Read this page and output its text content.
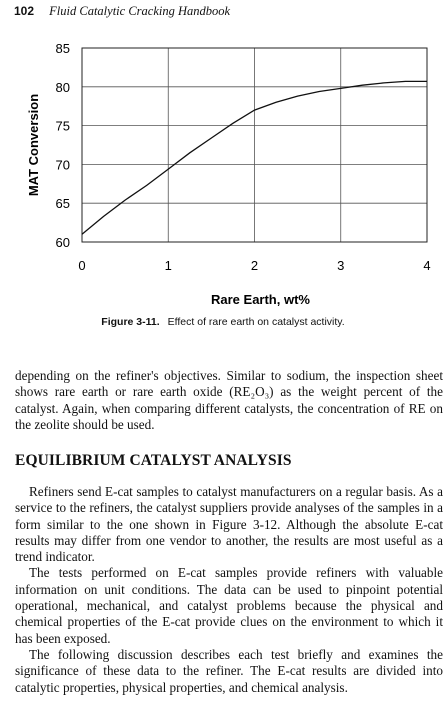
102 Fluid Catalytic Cracking Handbook
60
65
70
75
80
85
0	1	2	3	4
MAT Conversion
Rare Earth, wt%
Figure 3-11. Effect of rare earth on catalyst activity.

depending on the refiner's objectives. Similar to sodium, the inspection sheet shows rare earth or rare earth oxide (RE₂O₃) as the weight percent of the catalyst. Again, when comparing different catalysts, the concentration of RE on the zeolite should be used.

EQUILIBRIUM CATALYST ANALYSIS

Refiners send E-cat samples to catalyst manufacturers on a regular basis. As a service to the refiners, the catalyst suppliers provide analyses of the samples in a form similar to the one shown in Figure 3-12. Although the absolute E-cat results may differ from one vendor to another, the results are most useful as a trend indicator.

The tests performed on E-cat samples provide refiners with valuable information on unit conditions. The data can be used to pinpoint potential operational, mechanical, and catalyst problems because the physical and chemical properties of the E-cat provide clues on the environment to which it has been exposed.

The following discussion describes each test briefly and examines the significance of these data to the refiner. The E-cat results are divided into catalytic properties, physical properties, and chemical analysis.
